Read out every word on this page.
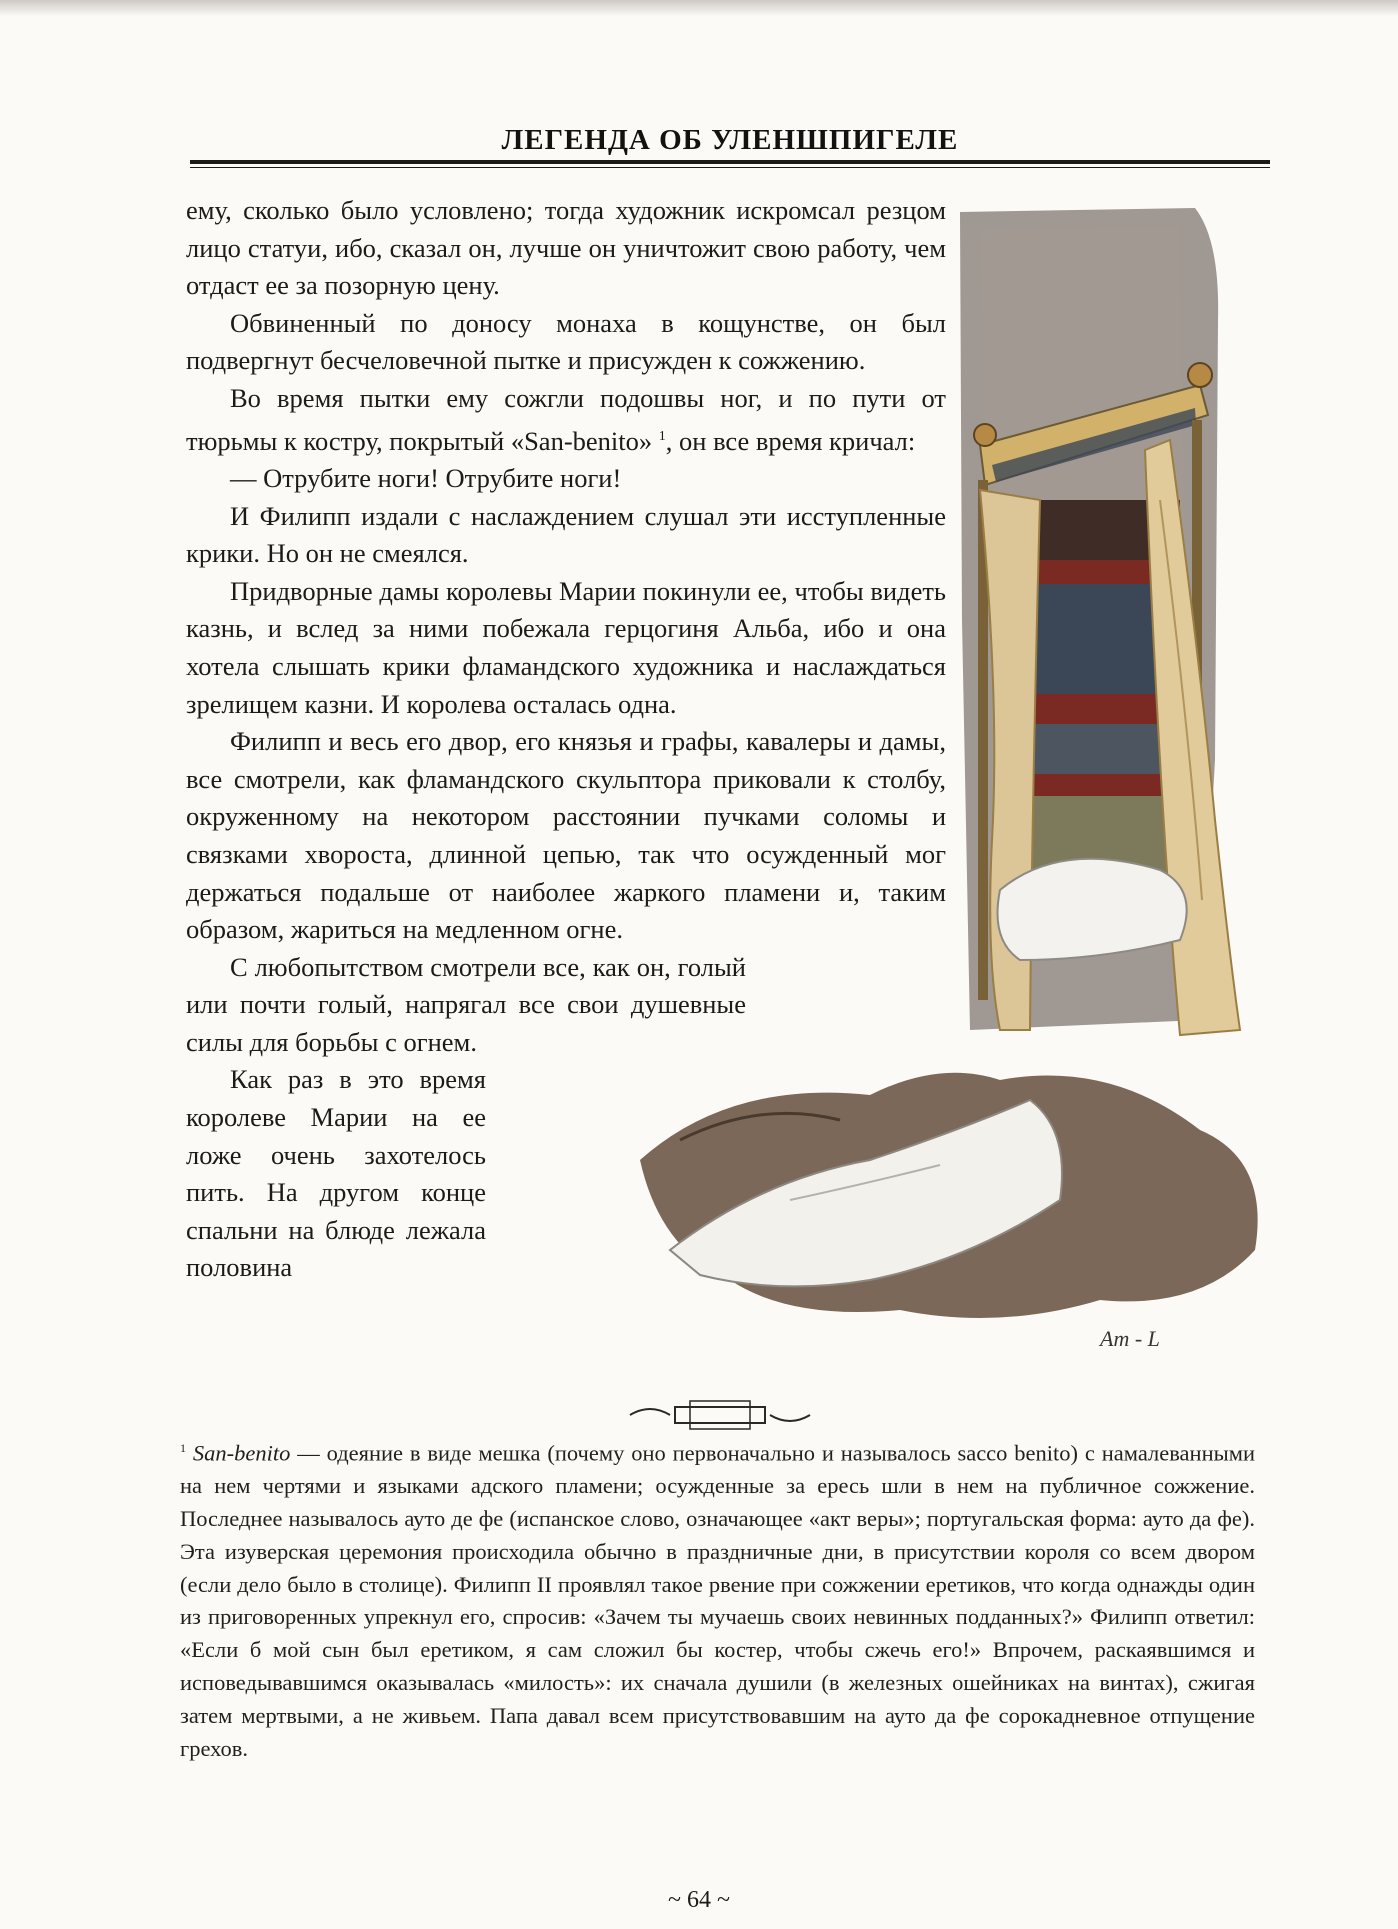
ЛЕГЕНДА ОБ УЛЕНШПИГЕЛЕ
Am - L

ему, сколько было условлено; тогда художник искромсал резцом лицо статуи, ибо, сказал он, лучше он уничтожит свою работу, чем отдаст ее за позорную цену.

Обвиненный по доносу монаха в кощунстве, он был подвергнут бесчеловечной пытке и присужден к сожжению.

Во время пытки ему сожгли подошвы ног, и по пути от тюрьмы к костру, покрытый «San-benito» $^1$, он все время кричал:

— Отрубите ноги! Отрубите ноги!

И Филипп издали с наслаждением слушал эти исступленные крики. Но он не смеялся.

Придворные дамы королевы Марии покинули ее, чтобы видеть казнь, и вслед за ними побежала герцогиня Альба, ибо и она хотела слышать крики фламандского художника и наслаждаться зрелищем казни. И королева осталась одна.

Филипп и весь его двор, его князья и графы, кавалеры и дамы, все смотрели, как фламандского скульптора приковали к столбу, окруженному на некотором расстоянии пучками соломы и связками хвороста, длинной цепью, так что осужденный мог держаться подальше от наиболее жаркого пламени и, таким образом, жариться на медленном огне.

С любопытством смотрели все, как он, голый или почти голый, напрягал все свои душевные силы для борьбы с огнем.

Как раз в это время королеве Марии на ее ложе очень захотелось пить. На другом конце спальни на блюде лежала половина

$^1$ San-benito — одеяние в виде мешка (почему оно первоначально и называлось sacco benito) с намалеванными на нем чертями и языками адского пламени; осужденные за ересь шли в нем на публичное сожжение. Последнее называлось ауто де фе (испанское слово, означающее «акт веры»; португальская форма: ауто да фе). Эта изуверская церемония происходила обычно в праздничные дни, в присутствии короля со всем двором (если дело было в столице). Филипп II проявлял такое рвение при сожжении еретиков, что когда однажды один из приговоренных упрекнул его, спросив: «Зачем ты мучаешь своих невинных подданных?» Филипп ответил: «Если б мой сын был еретиком, я сам сложил бы костер, чтобы сжечь его!» Впрочем, раскаявшимся и исповедывавшимся оказывалась «милость»: их сначала душили (в железных ошейниках на винтах), сжигая затем мертвыми, а не живьем. Папа давал всем присутствовавшим на ауто да фе сорокадневное отпущение грехов.
~ 64 ~
